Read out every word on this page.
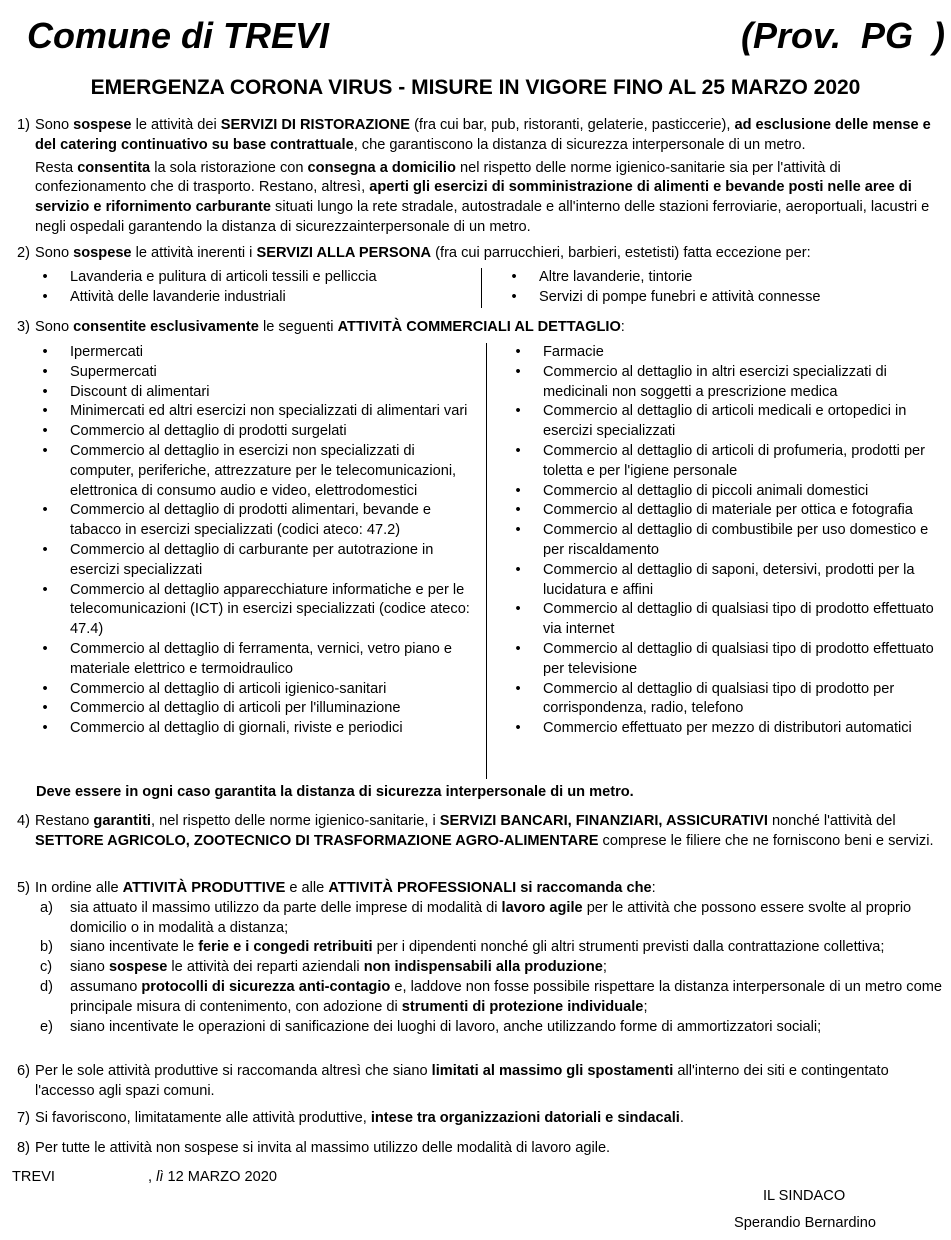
Comune di TREVI	(Prov.  PG  )
EMERGENZA CORONA VIRUS - MISURE IN VIGORE FINO AL 25 MARZO 2020
1) Sono sospese le attività dei SERVIZI DI RISTORAZIONE (fra cui bar, pub, ristoranti, gelaterie, pasticcerie), ad esclusione delle mense e del catering continuativo su base contrattuale, che garantiscono la distanza di sicurezza interpersonale di un metro.

Resta consentita la sola ristorazione con consegna a domicilio nel rispetto delle norme igienico-sanitarie sia per l'attività di confezionamento che di trasporto. Restano, altresì, aperti gli esercizi di somministrazione di alimenti e bevande posti nelle aree di servizio e rifornimento carburante situati lungo la rete stradale, autostradale e all'interno delle stazioni ferroviarie, aeroportuali, lacustri e negli ospedali garantendo la distanza di sicurezzainterpersonale di un metro.

2) Sono sospese le attività inerenti i SERVIZI ALLA PERSONA (fra cui parrucchieri, barbieri, estetisti) fatta eccezione per:

• Lavanderia e pulitura di articoli tessili e pelliccia

• Attività delle lavanderie industriali

• Altre lavanderie, tintorie

• Servizi di pompe funebri e attività connesse

3) Sono consentite esclusivamente le seguenti ATTIVITÀ COMMERCIALI AL DETTAGLIO:

• Ipermercati

• Supermercati

• Discount di alimentari

• Minimercati ed altri esercizi non specializzati di alimentari vari

• Commercio al dettaglio di prodotti surgelati

• Commercio al dettaglio in esercizi non specializzati di computer, periferiche, attrezzature per le telecomunicazioni, elettronica di consumo audio e video, elettrodomestici

• Commercio al dettaglio di prodotti alimentari, bevande e tabacco in esercizi specializzati (codici ateco: 47.2)

• Commercio al dettaglio di carburante per autotrazione in esercizi specializzati

• Commercio al dettaglio apparecchiature informatiche e per le telecomunicazioni (ICT) in esercizi specializzati (codice ateco: 47.4)

• Commercio al dettaglio di ferramenta, vernici, vetro piano e materiale elettrico e termoidraulico

• Commercio al dettaglio di articoli igienico-sanitari

• Commercio al dettaglio di articoli per l'illuminazione

• Commercio al dettaglio di giornali, riviste e periodici

• Farmacie

• Commercio al dettaglio in altri esercizi specializzati di medicinali non soggetti a prescrizione medica

• Commercio al dettaglio di articoli medicali e ortopedici in esercizi specializzati

• Commercio al dettaglio di articoli di profumeria, prodotti per toletta e per l'igiene personale

• Commercio al dettaglio di piccoli animali domestici

• Commercio al dettaglio di materiale per ottica e fotografia

• Commercio al dettaglio di combustibile per uso domestico e per riscaldamento

• Commercio al dettaglio di saponi, detersivi, prodotti per la lucidatura e affini

• Commercio al dettaglio di qualsiasi tipo di prodotto effettuato via internet

• Commercio al dettaglio di qualsiasi tipo di prodotto effettuato per televisione

• Commercio al dettaglio di qualsiasi tipo di prodotto per corrispondenza, radio, telefono

• Commercio effettuato per mezzo di distributori automatici

Deve essere in ogni caso garantita la distanza di sicurezza interpersonale di un metro.
4) Restano garantiti, nel rispetto delle norme igienico-sanitarie, i SERVIZI BANCARI, FINANZIARI, ASSICURATIVI nonché l'attività del SETTORE AGRICOLO, ZOOTECNICO DI TRASFORMAZIONE AGRO-ALIMENTARE comprese le filiere che ne forniscono beni e servizi.

5) In ordine alle ATTIVITÀ PRODUTTIVE e alle ATTIVITÀ PROFESSIONALI si raccomanda che:

a) sia attuato il massimo utilizzo da parte delle imprese di modalità di lavoro agile per le attività che possono essere svolte al proprio domicilio o in modalità a distanza;

b) siano incentivate le ferie e i congedi retribuiti per i dipendenti nonché gli altri strumenti previsti dalla contrattazione collettiva;

c) siano sospese le attività dei reparti aziendali non indispensabili alla produzione;

d) assumano protocolli di sicurezza anti-contagio e, laddove non fosse possibile rispettare la distanza interpersonale di un metro come principale misura di contenimento, con adozione di strumenti di protezione individuale;

e) siano incentivate le operazioni di sanificazione dei luoghi di lavoro, anche utilizzando forme di ammortizzatori sociali;

6) Per le sole attività produttive si raccomanda altresì che siano limitati al massimo gli spostamenti all'interno dei siti e contingentato l'accesso agli spazi comuni.

7) Si favoriscono, limitatamente alle attività produttive, intese tra organizzazioni datoriali e sindacali.

8) Per tutte le attività non sospese si invita al massimo utilizzo delle modalità di lavoro agile.

TREVI	, lì 12 MARZO 2020
IL SINDACO
Sperandio Bernardino
